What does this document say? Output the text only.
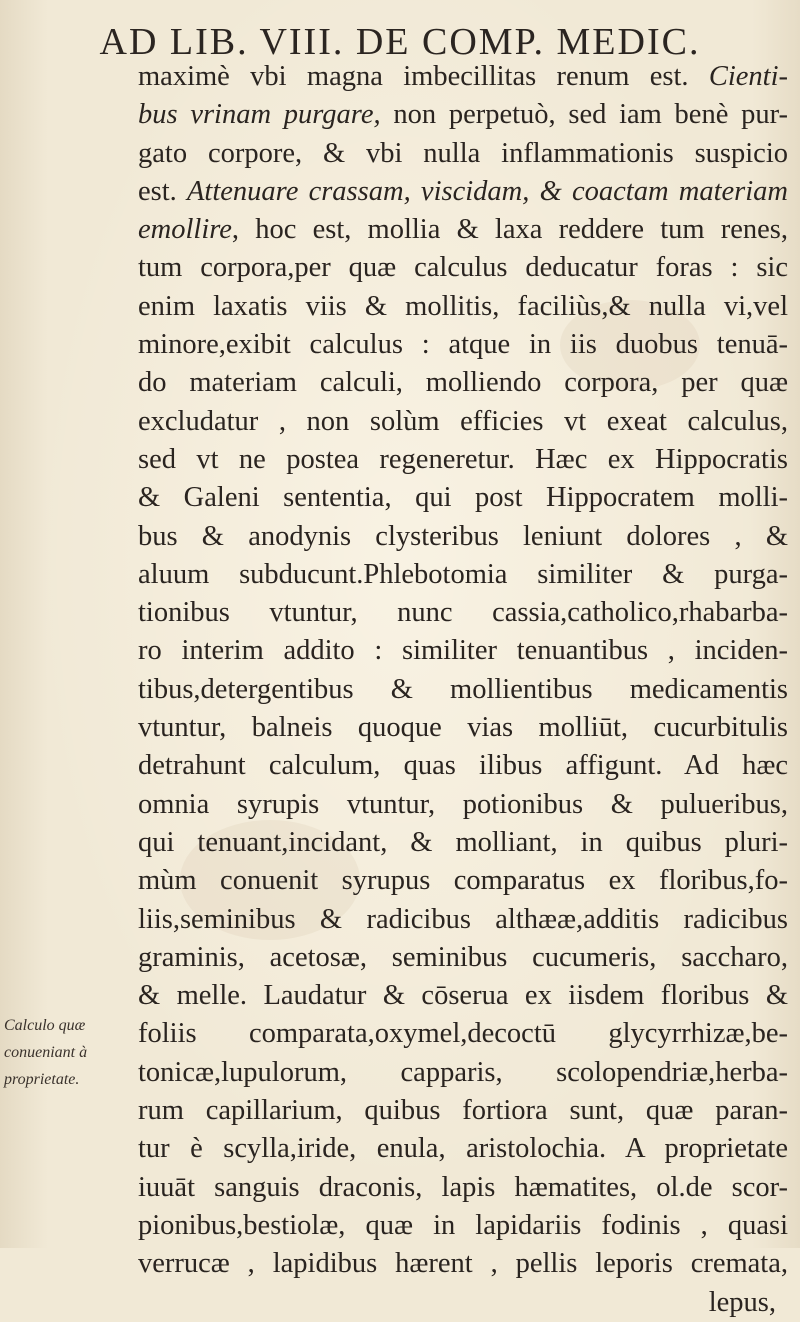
AD LIB. VIII. DE COMP. MEDIC.
maximè vbi magna imbecillitas renum est. Cienti-
bus vrinam purgare, non perpetuò, sed iam benè pur-
gato corpore, & vbi nulla inflammationis suspicio
est. Attenuare crassam, viscidam, & coactam materiam
emollire, hoc est, mollia & laxa reddere tum renes,
tum corpora,per quæ calculus deducatur foras : sic
enim laxatis viis & mollitis, faciliùs,& nulla vi,vel
minore,exibit calculus : atque in iis duobus tenuā-
do materiam calculi, molliendo corpora, per quæ
excludatur , non solùm efficies vt exeat calculus,
sed vt ne postea regeneretur. Hæc ex Hippocratis
& Galeni sententia, qui post Hippocratem molli-
bus & anodynis clysteribus leniunt dolores , &
aluum subducunt.Phlebotomia similiter & purga-
tionibus vtuntur, nunc cassia,catholico,rhabarba-
ro interim addito : similiter tenuantibus , inciden-
tibus,detergentibus & mollientibus medicamentis
vtuntur, balneis quoque vias molliūt, cucurbitulis
detrahunt calculum, quas ilibus affigunt. Ad hæc
omnia syrupis vtuntur, potionibus & pulueribus,
qui tenuant,incidant, & molliant, in quibus pluri-
mùm conuenit syrupus comparatus ex floribus,fo-
liis,seminibus & radicibus althææ,additis radicibus
graminis, acetosæ, seminibus cucumeris, saccharo,
& melle. Laudatur & cōserua ex iisdem floribus &
foliis comparata,oxymel,decoctū glycyrrhizæ,be-
tonicæ,lupulorum, capparis, scolopendriæ,herba-
rum capillarium, quibus fortiora sunt, quæ paran-
tur è scylla,iride, enula, aristolochia. A proprietate
iuuāt sanguis draconis, lapis hæmatites, ol.de scor-
pionibus,bestiolæ, quæ in lapidariis fodinis , quasi
verrucæ , lapidibus hærent , pellis leporis cremata,
lepus,
Calculo quæ
conueniant à
proprietate.
